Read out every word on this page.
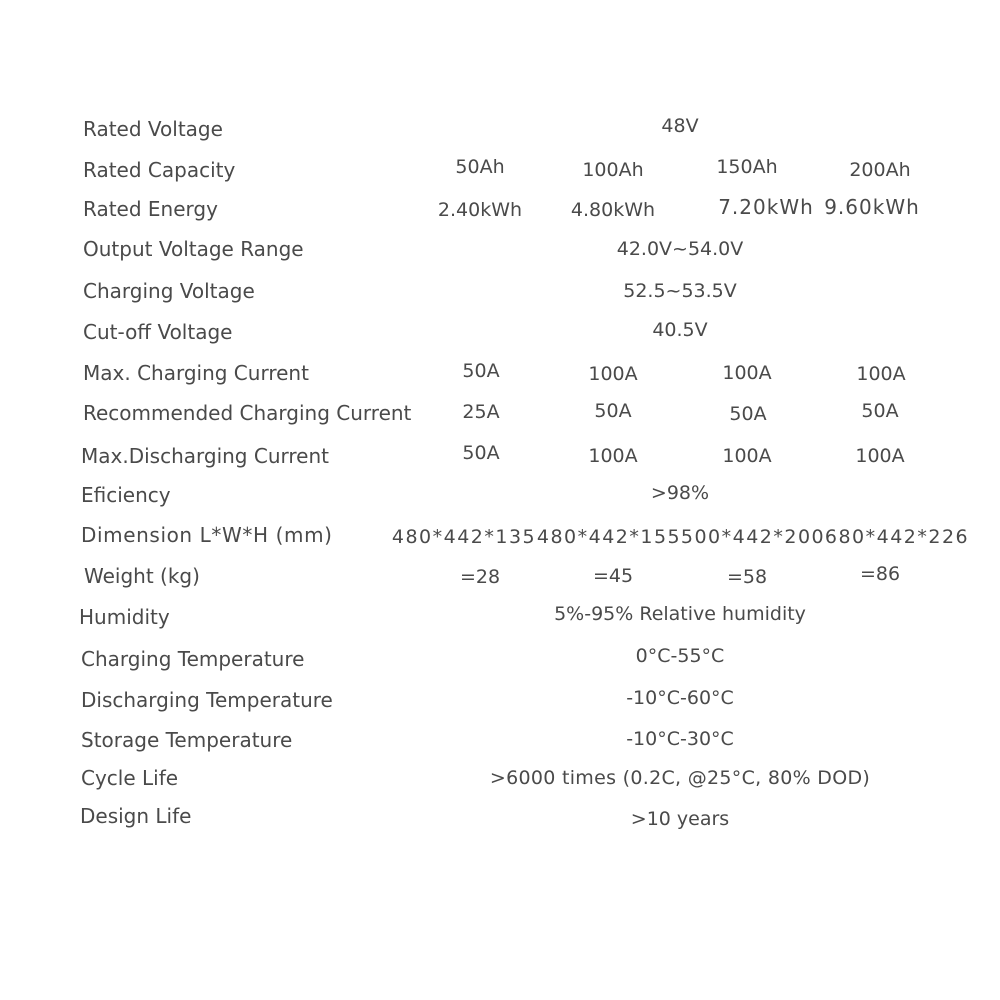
Rated Voltage	48V
Rated Capacity	50Ah	100Ah	150Ah	200Ah
Rated Energy	2.40kWh	4.80kWh	7.20kWh 9.60kWh
Output Voltage Range	42.0V~54.0V
Charging Voltage	52.5~53.5V
Cut-off Voltage	40.5V
Max. Charging Current	50A	100A	100A	100A
Recommended Charging Current	25A	50A	50A	50A
Max.Discharging Current	50A	100A	100A	100A
Eficiency	>98%
Dimension L*W*H (mm)	480*442*135 480*442*155 500*442*200 680*442*226
Weight (kg)	=28	=45	=58	=86
Humidity	5%-95% Relative humidity
Charging Temperature	0°C-55°C
Discharging Temperature	-10°C-60°C
Storage Temperature	-10°C-30°C
Cycle Life	>6000 times (0.2C, @25°C, 80% DOD)
Design Life	>10 years
